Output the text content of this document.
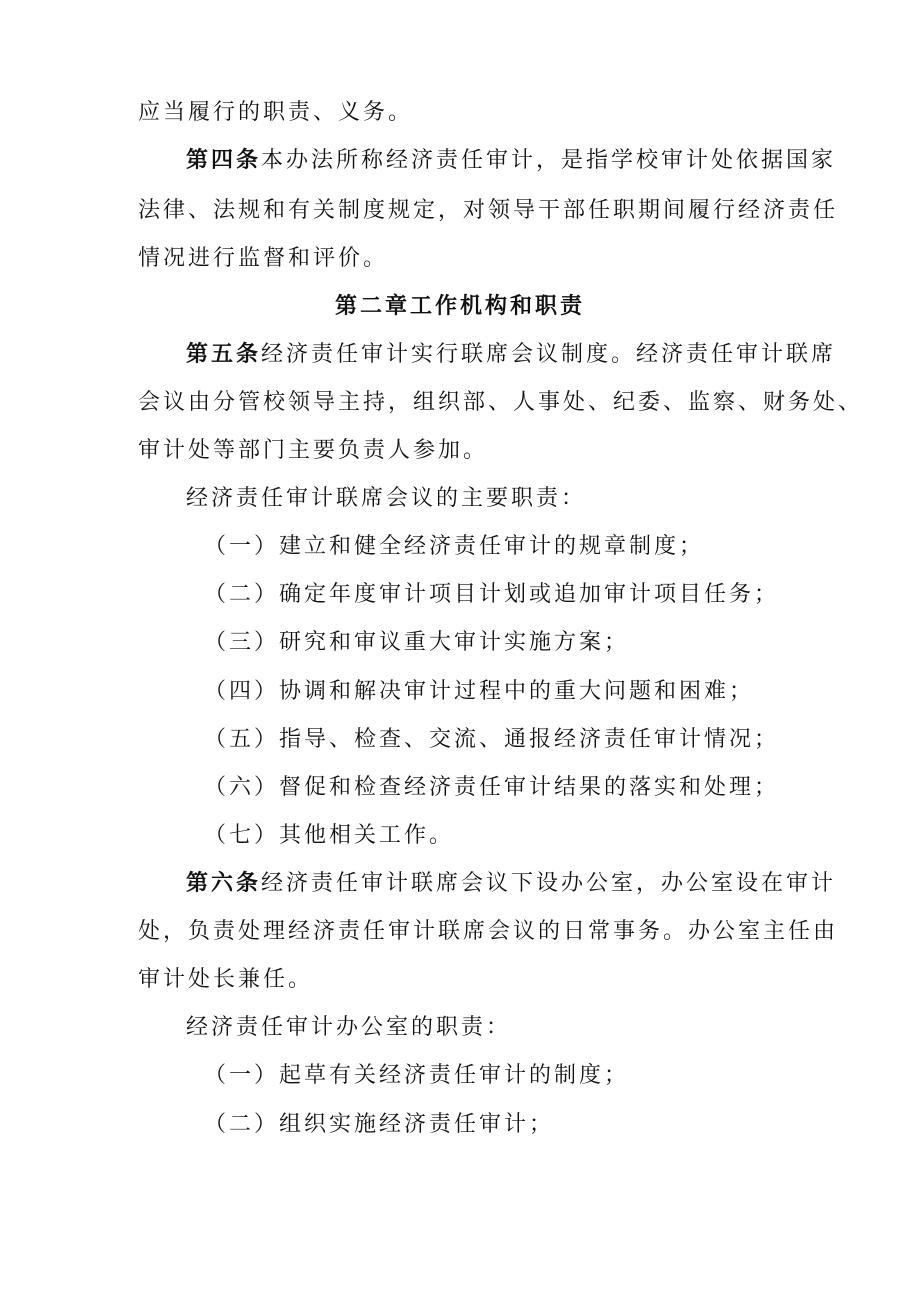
应当履行的职责、义务。
第四条本办法所称经济责任审计，是指学校审计处依据国家
法律、法规和有关制度规定，对领导干部任职期间履行经济责任
情况进行监督和评价。
第二章工作机构和职责
第五条经济责任审计实行联席会议制度。经济责任审计联席
会议由分管校领导主持，组织部、人事处、纪委、监察、财务处、
审计处等部门主要负责人参加。
经济责任审计联席会议的主要职责：
（一）建立和健全经济责任审计的规章制度；
（二）确定年度审计项目计划或追加审计项目任务；
（三）研究和审议重大审计实施方案；
（四）协调和解决审计过程中的重大问题和困难；
（五）指导、检查、交流、通报经济责任审计情况；
（六）督促和检查经济责任审计结果的落实和处理；
（七）其他相关工作。
第六条经济责任审计联席会议下设办公室，办公室设在审计
处，负责处理经济责任审计联席会议的日常事务。办公室主任由
审计处长兼任。
经济责任审计办公室的职责：
（一）起草有关经济责任审计的制度；
（二）组织实施经济责任审计；
